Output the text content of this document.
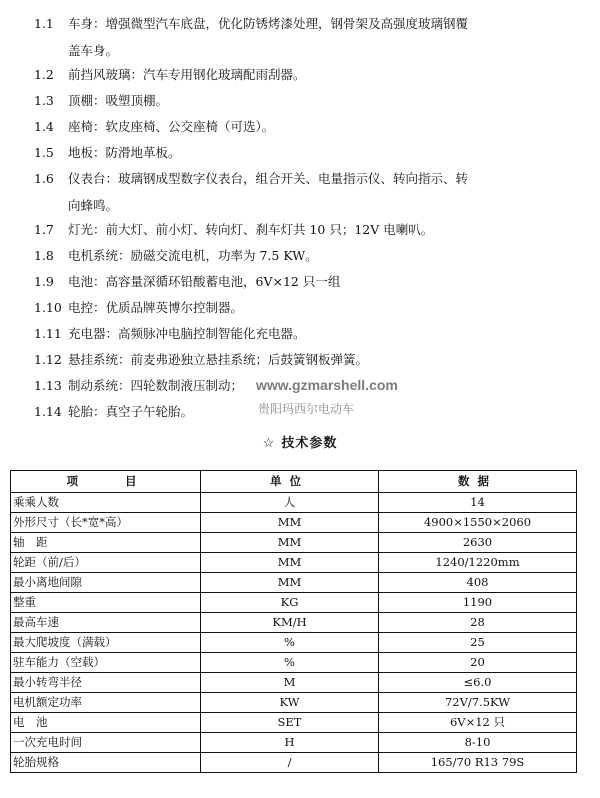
1.1 车身：增强微型汽车底盘，优化防锈烤漆处理，钢骨架及高强度玻璃钢覆
盖车身。
1.2 前挡风玻璃：汽车专用钢化玻璃配雨刮器。
1.3 顶棚：吸塑顶棚。
1.4 座椅：软皮座椅、公交座椅（可选）。
1.5 地板：防滑地革板。
1.6 仪表台：玻璃钢成型数字仪表台，组合开关、电量指示仪、转向指示、转
向蜂鸣。
1.7 灯光：前大灯、前小灯、转向灯、刹车灯共 10 只；12V 电喇叭。
1.8 电机系统：励磁交流电机，功率为 7.5 KW。
1.9 电池：高容量深循环铅酸蓄电池，6V×12 只一组
1.10 电控：优质品牌英博尔控制器。
1.11 充电器：高频脉冲电脑控制智能化充电器。
1.12 悬挂系统：前麦弗逊独立悬挂系统；后鼓簧钢板弹簧。
1.13 制动系统：四轮数制液压制动；
1.14 轮胎：真空子午轮胎。
www.gzmarshell.com
贵阳玛西尔电动车
☆ 技术参数
项　　目	单位	数据
乘乘人数	人	14
外形尺寸（长*宽*高）	MM	4900×1550×2060
轴　距	MM	2630
轮距（前/后）	MM	1240/1220mm
最小离地间隙	MM	408
整重	KG	1190
最高车速	KM/H	28
最大爬坡度（满载）	%	25
驻车能力（空载）	%	20
最小转弯半径	M	≤6.0
电机额定功率	KW	72V/7.5KW
电　池	SET	6V×12 只
一次充电时间	H	8-10
轮胎规格	/	165/70 R13 79S
